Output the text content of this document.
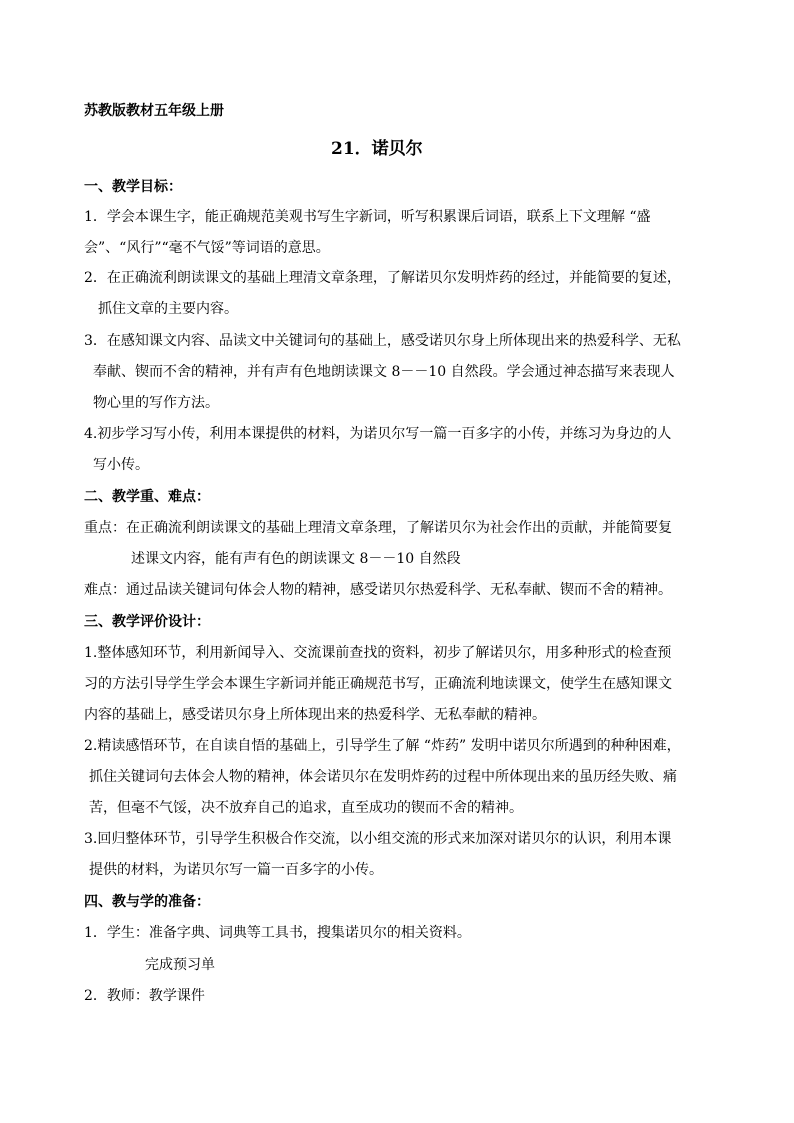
苏教版教材五年级上册
21．诺贝尔
一、教学目标：
1．学会本课生字，能正确规范美观书写生字新词，听写积累课后词语，联系上下文理解 “盛
会”、“风行”“毫不气馁”等词语的意思。
2．在正确流利朗读课文的基础上理清文章条理，了解诺贝尔发明炸药的经过，并能简要的复述，
抓住文章的主要内容。
3．在感知课文内容、品读文中关键词句的基础上，感受诺贝尔身上所体现出来的热爱科学、无私
奉献、锲而不舍的精神，并有声有色地朗读课文 8－－10 自然段。学会通过神态描写来表现人
物心里的写作方法。
4.初步学习写小传，利用本课提供的材料，为诺贝尔写一篇一百多字的小传，并练习为身边的人
写小传。
二、教学重、难点：
重点：在正确流利朗读课文的基础上理清文章条理，了解诺贝尔为社会作出的贡献，并能简要复
述课文内容，能有声有色的朗读课文 8－－10 自然段
难点：通过品读关键词句体会人物的精神，感受诺贝尔热爱科学、无私奉献、锲而不舍的精神。
三、教学评价设计：
1.整体感知环节，利用新闻导入、交流课前查找的资料，初步了解诺贝尔，用多种形式的检查预
习的方法引导学生学会本课生字新词并能正确规范书写，正确流利地读课文，使学生在感知课文
内容的基础上，感受诺贝尔身上所体现出来的热爱科学、无私奉献的精神。
2.精读感悟环节，在自读自悟的基础上，引导学生了解 “炸药” 发明中诺贝尔所遇到的种种困难，
抓住关键词句去体会人物的精神，体会诺贝尔在发明炸药的过程中所体现出来的虽历经失败、痛
苦，但毫不气馁，决不放弃自己的追求，直至成功的锲而不舍的精神。
3.回归整体环节，引导学生积极合作交流，以小组交流的形式来加深对诺贝尔的认识，利用本课
提供的材料，为诺贝尔写一篇一百多字的小传。
四、教与学的准备：
1．学生：准备字典、词典等工具书，搜集诺贝尔的相关资料。
完成预习单
2．教师：教学课件
